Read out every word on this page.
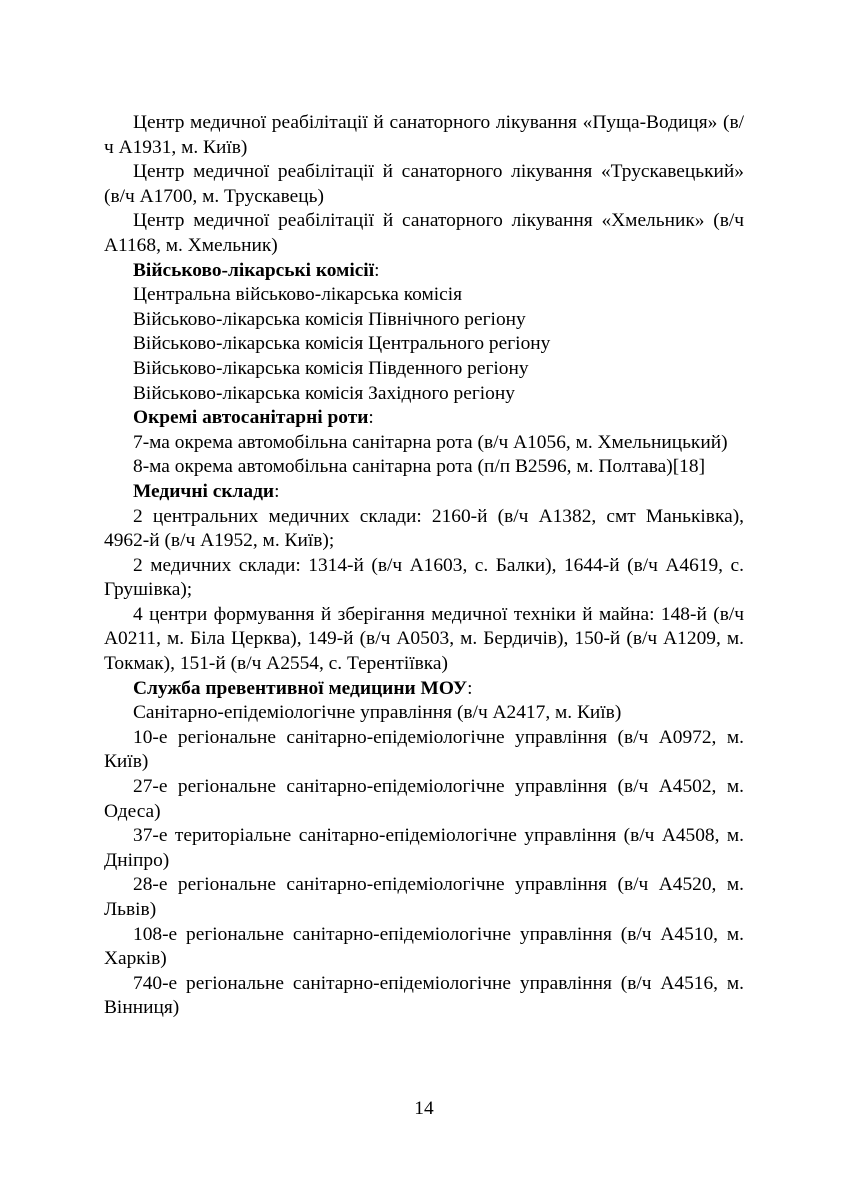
Центр медичної реабілітації й санаторного лікування «Пуща-Водиця» (в/ч А1931, м. Київ)

Центр медичної реабілітації й санаторного лікування «Трускавецький» (в/ч А1700, м. Трускавець)

Центр медичної реабілітації й санаторного лікування «Хмельник» (в/ч А1168, м. Хмельник)

Військово-лікарські комісії:

Центральна військово-лікарська комісія

Військово-лікарська комісія Північного регіону

Військово-лікарська комісія Центрального регіону

Військово-лікарська комісія Південного регіону

Військово-лікарська комісія Західного регіону

Окремі автосанітарні роти:

7-ма окрема автомобільна санітарна рота (в/ч А1056, м. Хмельницький)

8-ма окрема автомобільна санітарна рота (п/п В2596, м. Полтава)[18]

Медичні склади:

2 центральних медичних склади: 2160-й (в/ч А1382, смт Маньківка), 4962-й (в/ч А1952, м. Київ);

2 медичних склади: 1314-й (в/ч А1603, с. Балки), 1644-й (в/ч А4619, с. Грушівка);

4 центри формування й зберігання медичної техніки й майна: 148-й (в/ч А0211, м. Біла Церква), 149-й (в/ч А0503, м. Бердичів), 150-й (в/ч А1209, м. Токмак), 151-й (в/ч А2554, с. Терентіївка)

Служба превентивної медицини МОУ:

Санітарно-епідеміологічне управління (в/ч А2417, м. Київ)

10-е регіональне санітарно-епідеміологічне управління (в/ч А0972, м. Київ)

27-е регіональне санітарно-епідеміологічне управління (в/ч А4502, м. Одеса)

37-е територіальне санітарно-епідеміологічне управління (в/ч А4508, м. Дніпро)

28-е регіональне санітарно-епідеміологічне управління (в/ч А4520, м. Львів)

108-е регіональне санітарно-епідеміологічне управління (в/ч А4510, м. Харків)

740-е регіональне санітарно-епідеміологічне управління (в/ч А4516, м. Вінниця)

14
